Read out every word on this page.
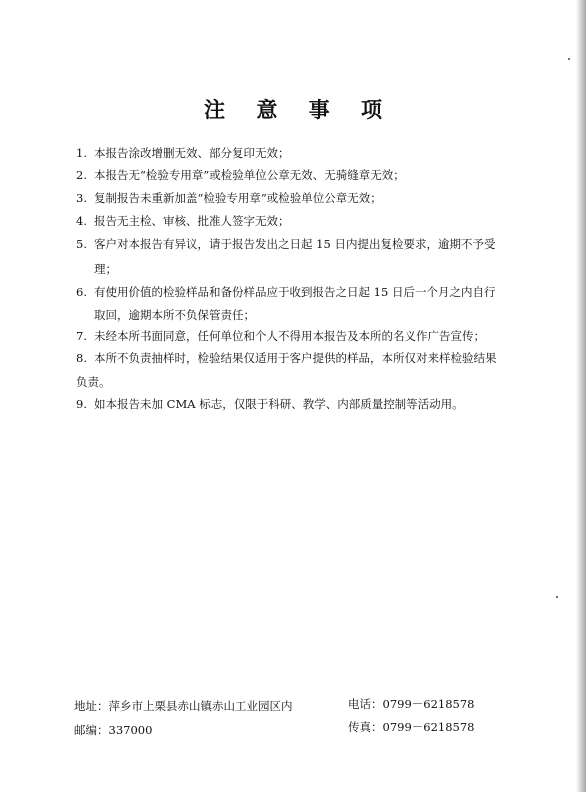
注 意 事 项
1. 本报告涂改增删无效、部分复印无效；
2. 本报告无“检验专用章”或检验单位公章无效、无骑缝章无效；
3. 复制报告未重新加盖“检验专用章”或检验单位公章无效；
4. 报告无主检、审核、批准人签字无效；
5. 客户对本报告有异议，请于报告发出之日起 15 日内提出复检要求，逾期不予受
理；
6. 有使用价值的检验样品和备份样品应于收到报告之日起 15 日后一个月之内自行
取回，逾期本所不负保管责任；
7. 未经本所书面同意，任何单位和个人不得用本报告及本所的名义作广告宣传；
8. 本所不负责抽样时，检验结果仅适用于客户提供的样品，本所仅对来样检验结果
负责。
9. 如本报告未加 CMA 标志，仅限于科研、教学、内部质量控制等活动用。
地址：萍乡市上栗县赤山镇赤山工业园区内
邮编：337000
电话：0799－6218578
传真：0799－6218578
